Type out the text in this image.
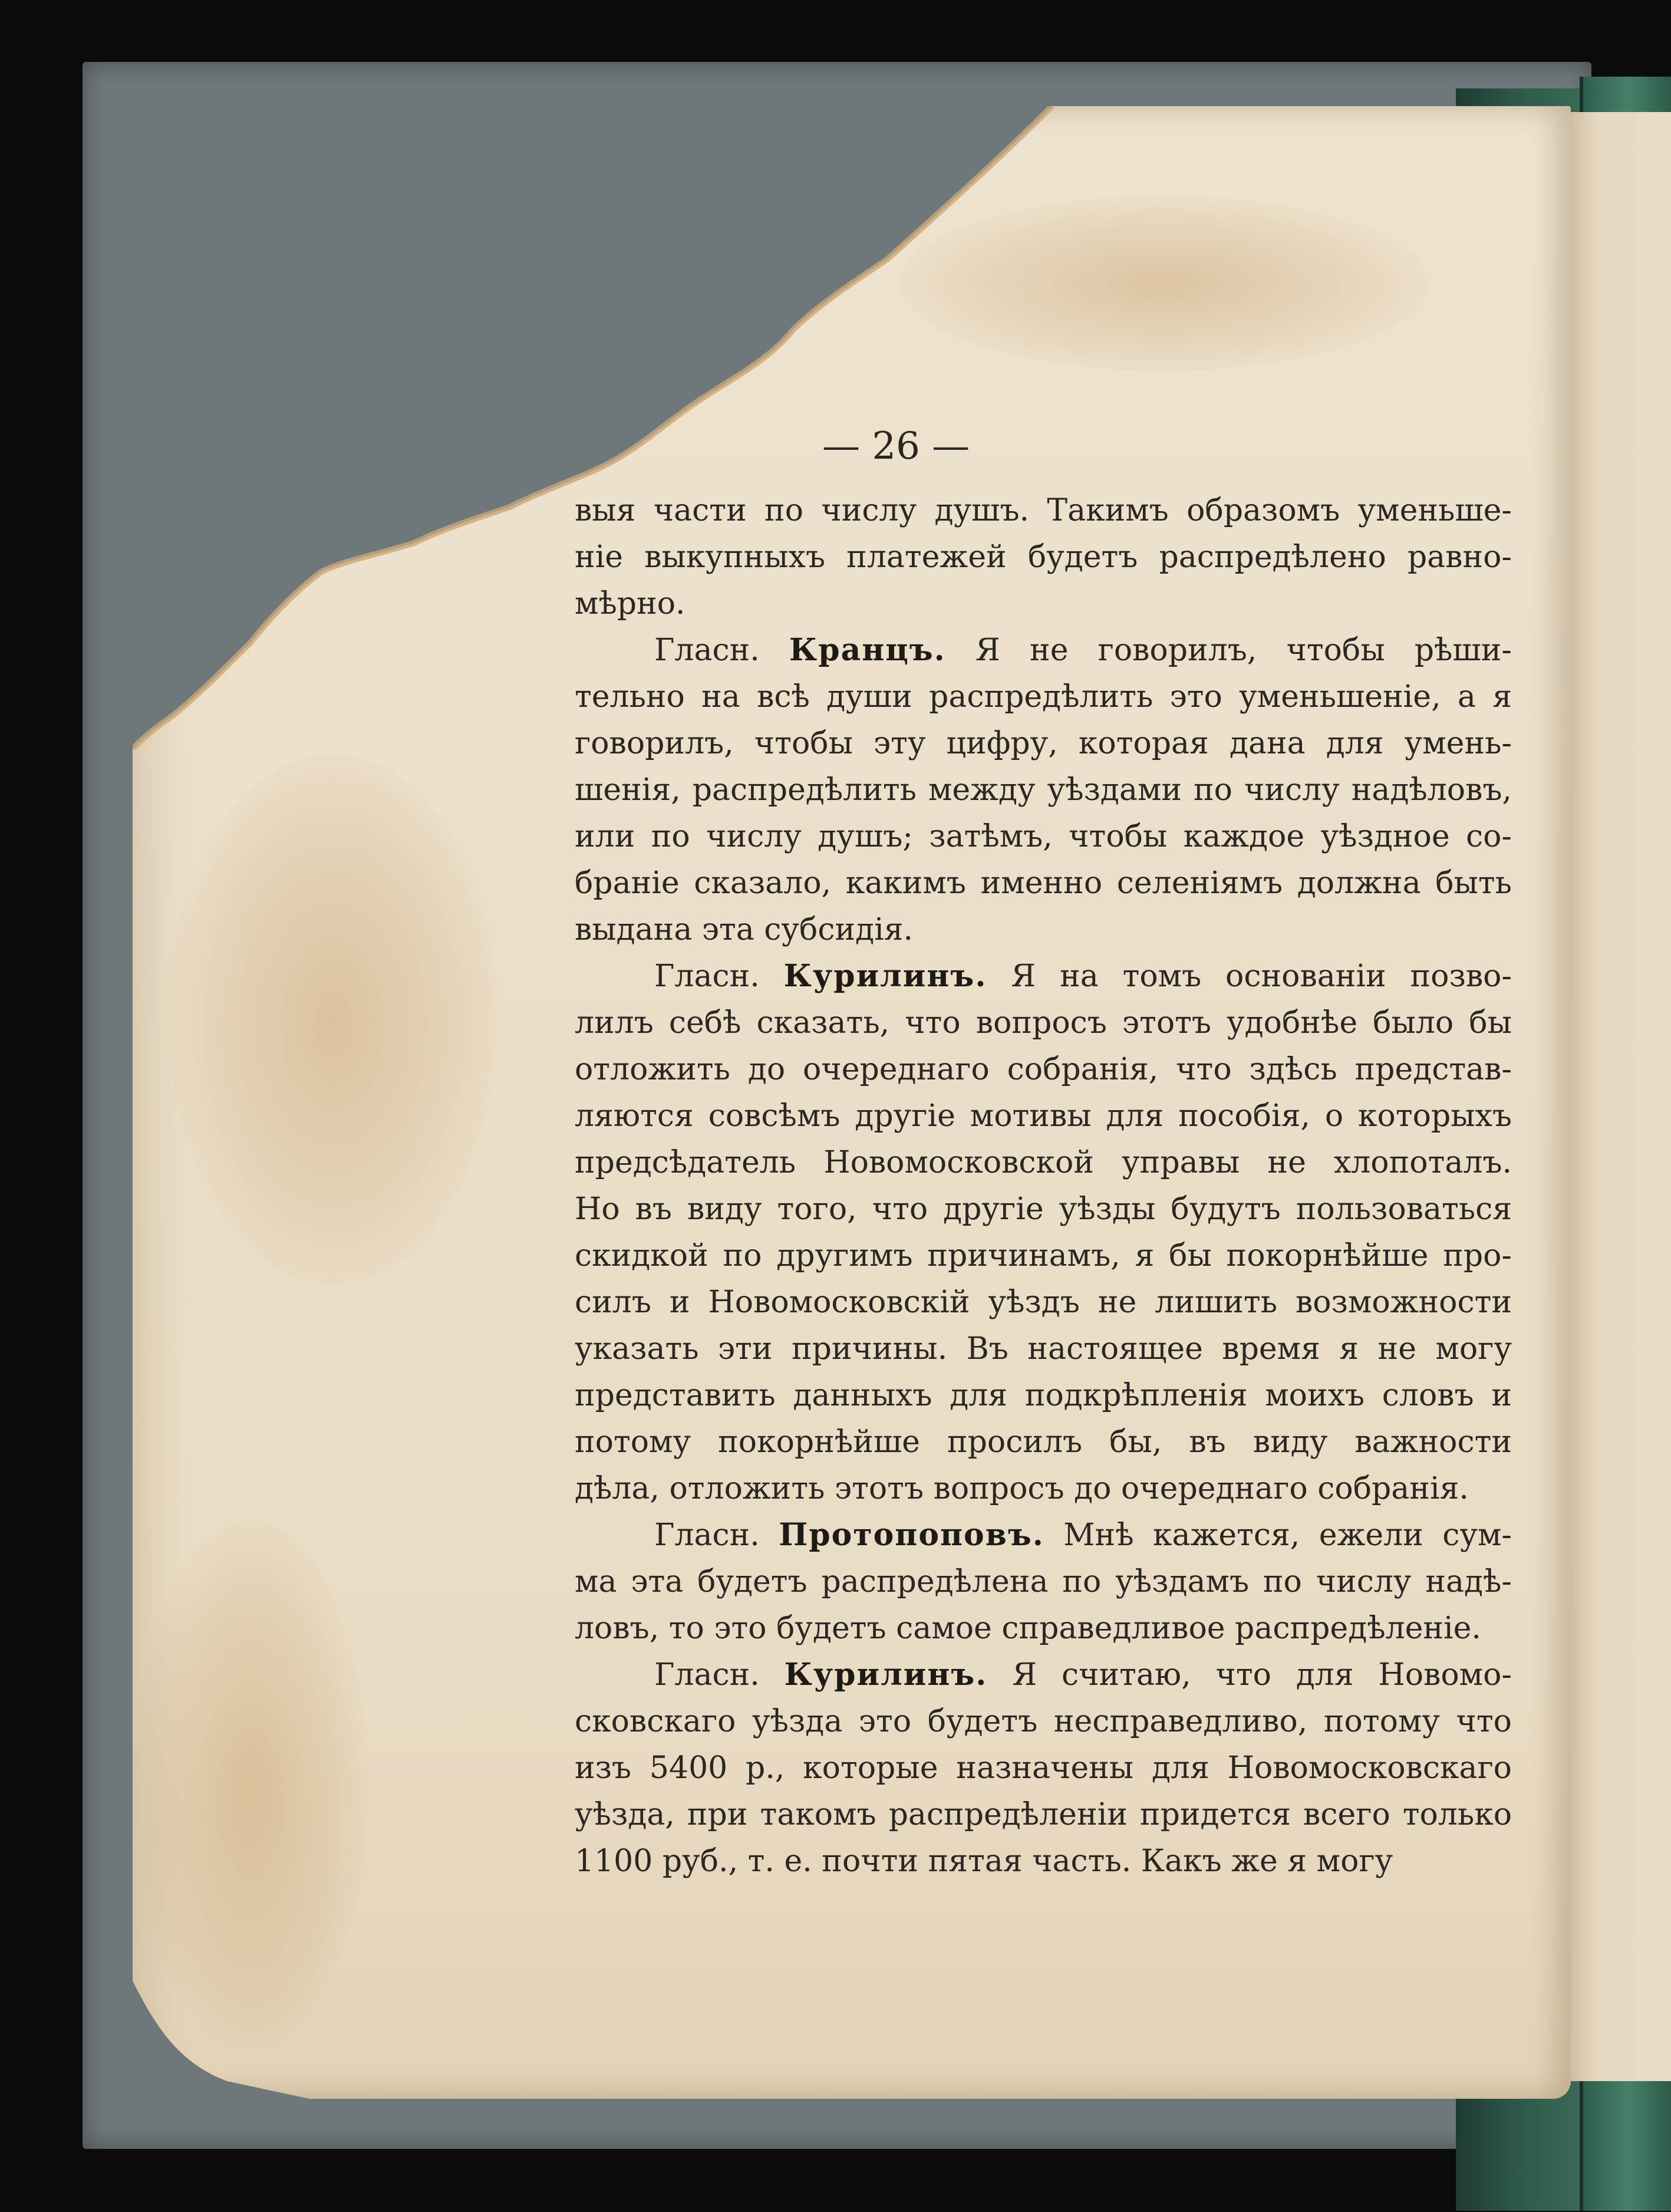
— 26 —
выя части по числу душъ. Такимъ образомъ уменьше-
ніе выкупныхъ платежей будетъ распредѣлено равно-
мѣрно.
Гласн. Кранцъ. Я не говорилъ, чтобы рѣши-
тельно на всѣ души распредѣлить это уменьшеніе, а я
говорилъ, чтобы эту цифру, которая дана для умень-
шенія, распредѣлить между уѣздами по числу надѣловъ,
или по числу душъ; затѣмъ, чтобы каждое уѣздное со-
браніе сказало, какимъ именно селеніямъ должна быть
выдана эта субсидія.
Гласн. Курилинъ. Я на томъ основаніи позво-
лилъ себѣ сказать, что вопросъ этотъ удобнѣе было бы
отложить до очереднаго собранія, что здѣсь представ-
ляются совсѣмъ другіе мотивы для пособія, о которыхъ
предсѣдатель Новомосковской управы не хлопоталъ.
Но въ виду того, что другіе уѣзды будутъ пользоваться
скидкой по другимъ причинамъ, я бы покорнѣйше про-
силъ и Новомосковскій уѣздъ не лишить возможности
указать эти причины. Въ настоящее время я не могу
представить данныхъ для подкрѣпленія моихъ словъ и
потому покорнѣйше просилъ бы, въ виду важности
дѣла, отложить этотъ вопросъ до очереднаго собранія.
Гласн. Протопоповъ. Мнѣ кажется, ежели сум-
ма эта будетъ распредѣлена по уѣздамъ по числу надѣ-
ловъ, то это будетъ самое справедливое распредѣленіе.
Гласн. Курилинъ. Я считаю, что для Новомо-
сковскаго уѣзда это будетъ несправедливо, потому что
изъ 5400 р., которые назначены для Новомосковскаго
уѣзда, при такомъ распредѣленіи придется всего только
1100 руб., т. е. почти пятая часть. Какъ же я могу
